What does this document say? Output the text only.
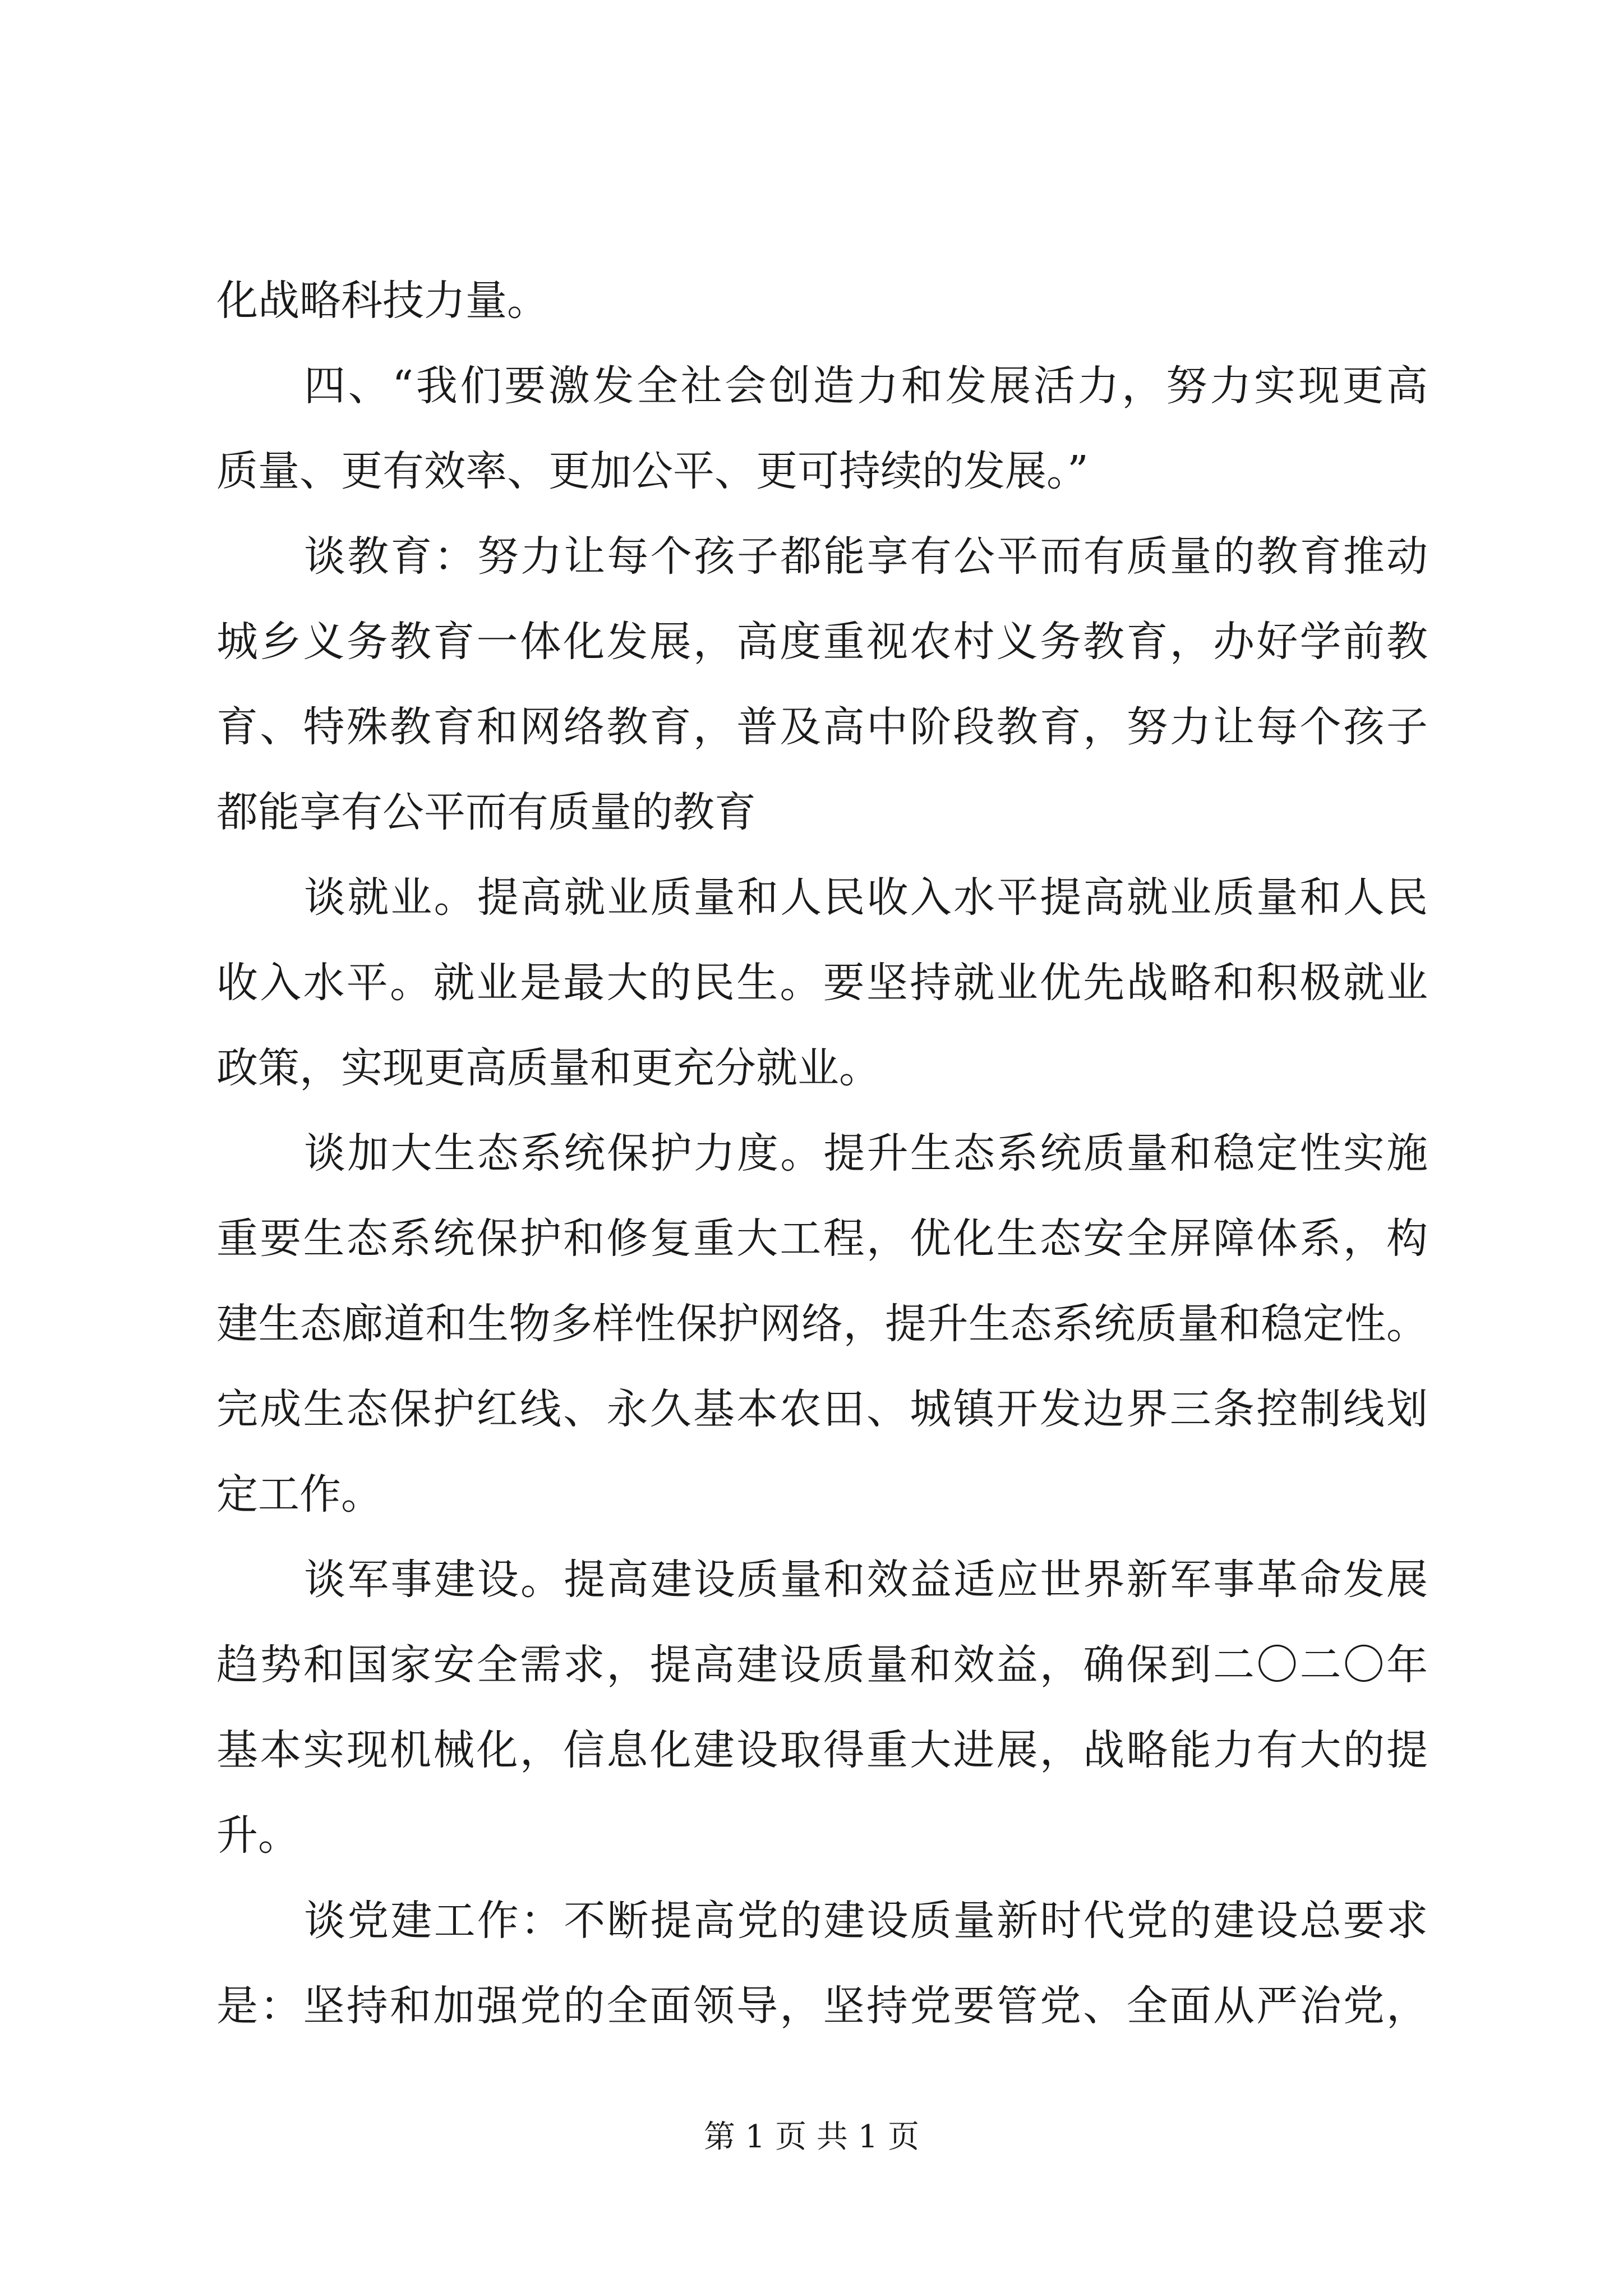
化战略科技力量。
四、“我们要激发全社会创造力和发展活力，努力实现更高
质量、更有效率、更加公平、更可持续的发展。”
谈教育：努力让每个孩子都能享有公平而有质量的教育推动
城乡义务教育一体化发展，高度重视农村义务教育，办好学前教
育、特殊教育和网络教育，普及高中阶段教育，努力让每个孩子
都能享有公平而有质量的教育
谈就业。提高就业质量和人民收入水平提高就业质量和人民
收入水平。就业是最大的民生。要坚持就业优先战略和积极就业
政策，实现更高质量和更充分就业。
谈加大生态系统保护力度。提升生态系统质量和稳定性实施
重要生态系统保护和修复重大工程，优化生态安全屏障体系，构
建生态廊道和生物多样性保护网络，提升生态系统质量和稳定性。
完成生态保护红线、永久基本农田、城镇开发边界三条控制线划
定工作。
谈军事建设。提高建设质量和效益适应世界新军事革命发展
趋势和国家安全需求，提高建设质量和效益，确保到二〇二〇年
基本实现机械化，信息化建设取得重大进展，战略能力有大的提
升。
谈党建工作：不断提高党的建设质量新时代党的建设总要求
是：坚持和加强党的全面领导，坚持党要管党、全面从严治党，
第 1 页 共 1 页
